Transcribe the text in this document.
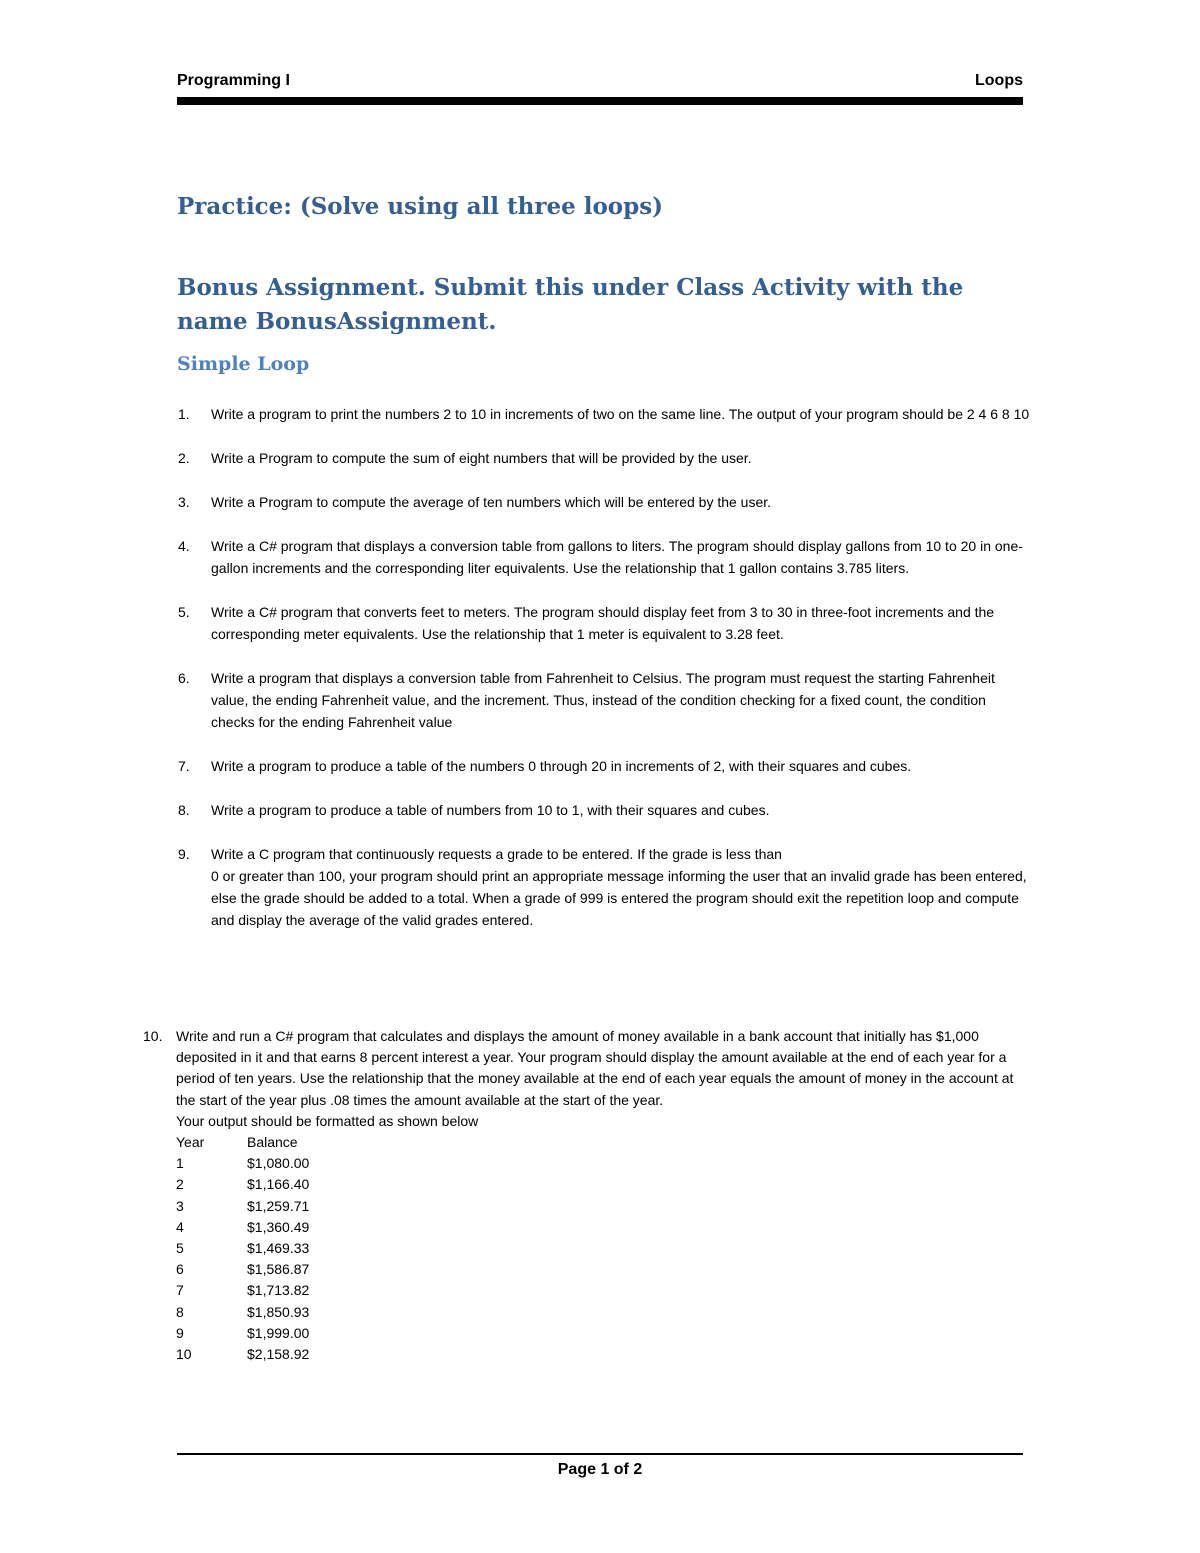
Programming I	Loops
Practice: (Solve using all three loops)
Bonus Assignment. Submit this under Class Activity with the name BonusAssignment.
Simple Loop
1.	Write a program to print the numbers 2 to 10 in increments of two on the same line. The output of your program should be 2 4 6 8 10
2.	Write a Program to compute the sum of eight numbers that will be provided by the user.
3.	Write a Program to compute the average of ten numbers which will be entered by the user.
4.	Write a C# program that displays a conversion table from gallons to liters. The program should display gallons from 10 to 20 in one-gallon increments and the corresponding liter equivalents. Use the relationship that 1 gallon contains 3.785 liters.
5.	Write a C# program that converts feet to meters. The program should display feet from 3 to 30 in three-foot increments and the corresponding meter equivalents. Use the relationship that 1 meter is equivalent to 3.28 feet.
6.	Write a program that displays a conversion table from Fahrenheit to Celsius. The program must request the starting Fahrenheit value, the ending Fahrenheit value, and the increment. Thus, instead of the condition checking for a fixed count, the condition checks for the ending Fahrenheit value
7.	Write a program to produce a table of the numbers 0 through 20 in increments of 2, with their squares and cubes.
8.	Write a program to produce a table of numbers from 10 to 1, with their squares and cubes.
9.	Write a C program that continuously requests a grade to be entered. If the grade is less than
0 or greater than 100, your program should print an appropriate message informing the user that an invalid grade has been entered, else the grade should be added to a total. When a grade of 999 is entered the program should exit the repetition loop and compute and display the average of the valid grades entered.
10. Write and run a C# program that calculates and displays the amount of money available in a bank account that initially has $1,000 deposited in it and that earns 8 percent interest a year. Your program should display the amount available at the end of each year for a period of ten years. Use the relationship that the money available at the end of each year equals the amount of money in the account at the start of the year plus .08 times the amount available at the start of the year.
Your output should be formatted as shown below
Year	Balance
1	$1,080.00
2	$1,166.40
3	$1,259.71
4	$1,360.49
5	$1,469.33
6	$1,586.87
7	$1,713.82
8	$1,850.93
9	$1,999.00
10	$2,158.92
Page 1 of 2
